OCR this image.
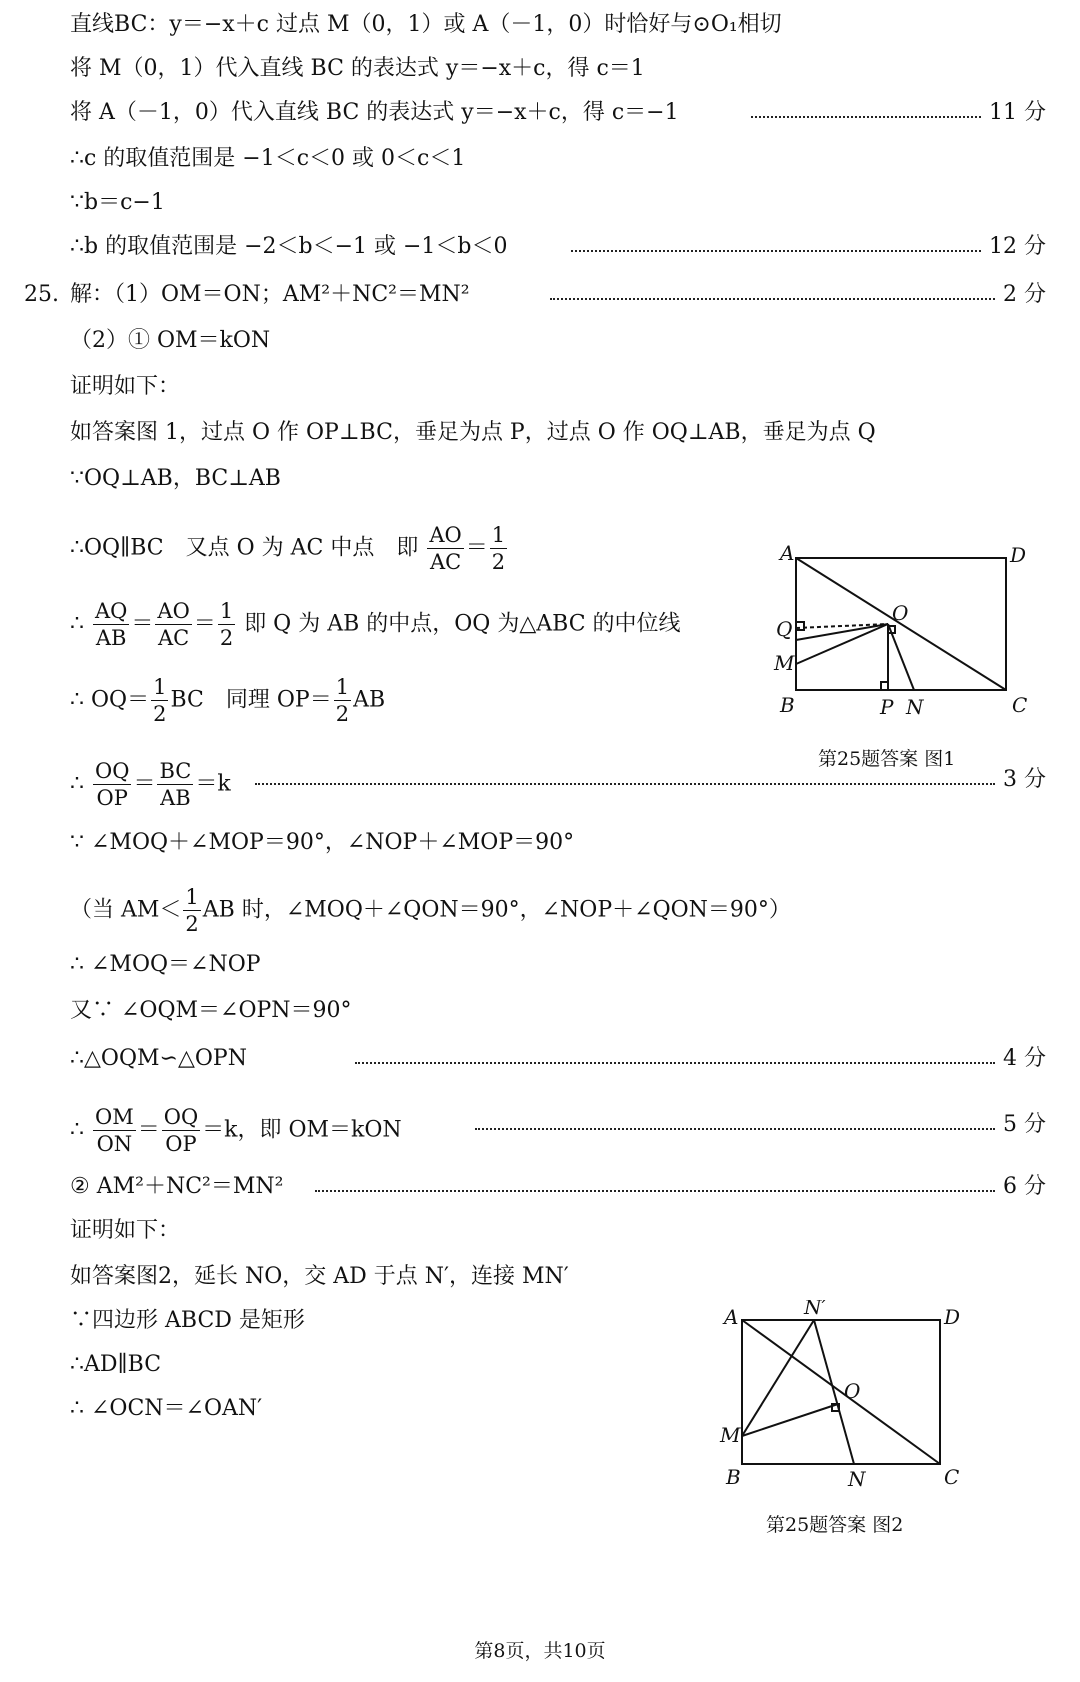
直线BC：y＝−x＋c 过点 M（0，1）或 A（－1，0）时恰好与⊙O₁相切
将 M（0，1）代入直线 BC 的表达式 y＝−x＋c，得 c＝1
将 A（－1，0）代入直线 BC 的表达式 y＝−x＋c，得 c＝−1	11 分
∴c 的取值范围是 −1＜c＜0 或 0＜c＜1
∵b＝c−1
∴b 的取值范围是 −2＜b＜−1 或 −1＜b＜0	12 分
25. 解：（1）OM＝ON；AM²＋NC²＝MN²	2 分
（2）① OM＝kON
证明如下：
如答案图 1，过点 O 作 OP⊥BC，垂足为点 P，过点 O 作 OQ⊥AB，垂足为点 Q
∵OQ⊥AB，BC⊥AB
∴OQ∥BC　又点 O 为 AC 中点　即 $\frac{AO}{AC} = \frac{1}{2}$
∴ $\frac{AQ}{AB} = \frac{AO}{AC} = \frac{1}{2}$ 即 Q 为 AB 的中点，OQ 为△ABC 的中位线
∴ $OQ= \frac{1}{2}$ BC　同理 $OP= \frac{1}{2}$ AB
∴ $\frac{OQ}{OP} = \frac{BC}{AB} =k$	3 分
∵ ∠MOQ＋∠MOP＝90°，∠NOP＋∠MOP＝90°
（当 $AM< \frac{1}{2}$ AB 时，∠MOQ＋∠QON＝90°，∠NOP＋∠QON＝90°）
∴ ∠MOQ＝∠NOP
又∵ ∠OQM＝∠OPN＝90°
∴△OQM∽△OPN	4 分
∴ $\frac{OM}{ON} = \frac{OQ}{OP} =k$，即 OM＝kON	5 分
② AM²＋NC²＝MN²	6 分
证明如下：
如答案图2，延长 NO，交 AD 于点 N′，连接 MN′
∵四边形 ABCD 是矩形
∴AD∥BC
∴ ∠OCN＝∠OAN′
A	D
Q
O
M
B	P N	C
第25题答案 图1
A	N′	D
O
M
B	N	C
第25题答案 图2
第8页，共10页
